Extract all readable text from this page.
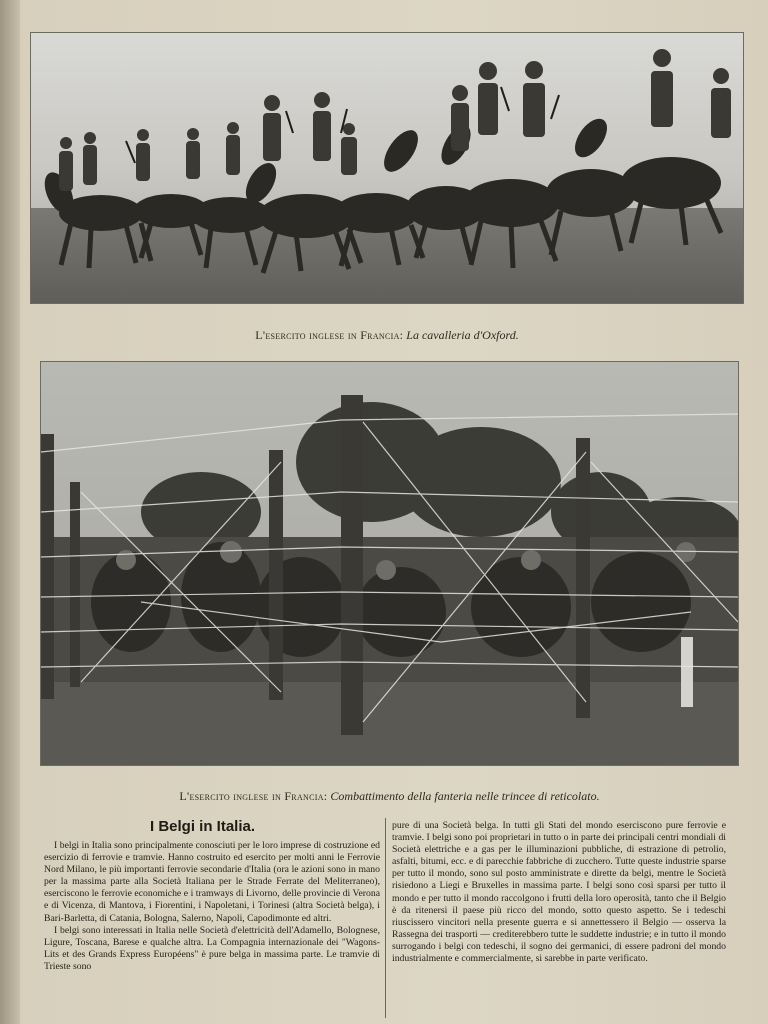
L'esercito inglese in Francia: La cavalleria d'Oxford.
L'esercito inglese in Francia: Combattimento della fanteria nelle trincee di reticolato.
I Belgi in Italia.

I belgi in Italia sono principalmente conosciuti per le loro imprese di costruzione ed esercizio di ferrovie e tramvie. Hanno costruito ed esercito per molti anni le Ferrovie Nord Milano, le più importanti ferrovie secondarie d'Italia (ora le azioni sono in mano per la massima parte alla Società Italiana per le Strade Ferrate del Meliterraneo), eserciscono le ferrovie economiche e i tramways di Livorno, delle provincie di Verona e di Vicenza, di Mantova, i Fiorentini, i Napoletani, i Torinesi (altra Società belga), i Bari-Barletta, di Catania, Bologna, Salerno, Napoli, Capodimonte ed altri.

I belgi sono interessati in Italia nelle Società d'elettricità dell'Adamello, Bolognese, Ligure, Toscana, Barese e qualche altra. La Compagnia internazionale dei "Wagons-Lits et des Grands Express Européens" è pure belga in massima parte. Le tramvie di Trieste sono

pure di una Società belga. In tutti gli Stati del mondo eserciscono pure ferrovie e tramvie. I belgi sono poi proprietari in tutto o in parte dei principali centri mondiali di Società elettriche e a gas per le illuminazioni pubbliche, di estrazione di petrolio, asfalti, bitumi, ecc. e di parecchie fabbriche di zucchero. Tutte queste industrie sparse per tutto il mondo, sono sul posto amministrate e dirette da belgi, mentre le Società risiedono a Liegi e Bruxelles in massima parte. I belgi sono così sparsi per tutto il mondo e per tutto il mondo raccolgono i frutti della loro operosità, tanto che il Belgio è da ritenersi il paese più ricco del mondo, sotto questo aspetto. Se i tedeschi riuscissero vincitori nella presente guerra e si annettessero il Belgio — osserva la Rassegna dei trasporti — crediterebbero tutte le suddette industrie; e in tutto il mondo surrogando i belgi con tedeschi, il sogno dei germanici, di essere padroni del mondo industrialmente e commercialmente, si sarebbe in parte verificato.
